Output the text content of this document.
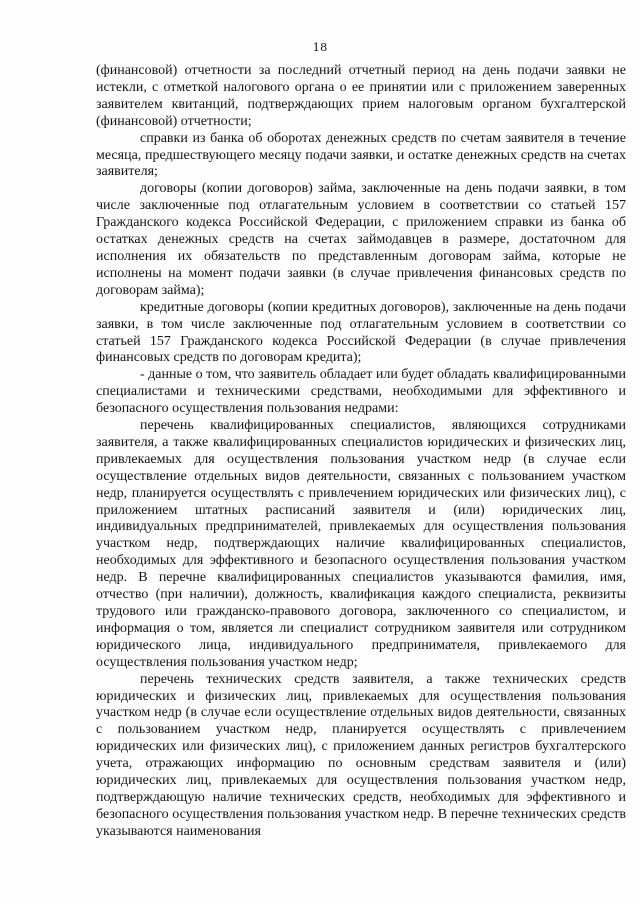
18

(финансовой) отчетности за последний отчетный период на день подачи заявки не истекли, с отметкой налогового органа о ее принятии или с приложением заверенных заявителем квитанций, подтверждающих прием налоговым органом бухгалтерской (финансовой) отчетности;

справки из банка об оборотах денежных средств по счетам заявителя в течение месяца, предшествующего месяцу подачи заявки, и остатке денежных средств на счетах заявителя;

договоры (копии договоров) займа, заключенные на день подачи заявки, в том числе заключенные под отлагательным условием в соответствии со статьей 157 Гражданского кодекса Российской Федерации, с приложением справки из банка об остатках денежных средств на счетах займодавцев в размере, достаточном для исполнения их обязательств по представленным договорам займа, которые не исполнены на момент подачи заявки (в случае привлечения финансовых средств по договорам займа);

кредитные договоры (копии кредитных договоров), заключенные на день подачи заявки, в том числе заключенные под отлагательным условием в соответствии со статьей 157 Гражданского кодекса Российской Федерации (в случае привлечения финансовых средств по договорам кредита);

- данные о том, что заявитель обладает или будет обладать квалифицированными специалистами и техническими средствами, необходимыми для эффективного и безопасного осуществления пользования недрами:

перечень квалифицированных специалистов, являющихся сотрудниками заявителя, а также квалифицированных специалистов юридических и физических лиц, привлекаемых для осуществления пользования участком недр (в случае если осуществление отдельных видов деятельности, связанных с пользованием участком недр, планируется осуществлять с привлечением юридических или физических лиц), с приложением штатных расписаний заявителя и (или) юридических лиц, индивидуальных предпринимателей, привлекаемых для осуществления пользования участком недр, подтверждающих наличие квалифицированных специалистов, необходимых для эффективного и безопасного осуществления пользования участком недр. В перечне квалифицированных специалистов указываются фамилия, имя, отчество (при наличии), должность, квалификация каждого специалиста, реквизиты трудового или гражданско-правового договора, заключенного со специалистом, и информация о том, является ли специалист сотрудником заявителя или сотрудником юридического лица, индивидуального предпринимателя, привлекаемого для осуществления пользования участком недр;

перечень технических средств заявителя, а также технических средств юридических и физических лиц, привлекаемых для осуществления пользования участком недр (в случае если осуществление отдельных видов деятельности, связанных с пользованием участком недр, планируется осуществлять с привлечением юридических или физических лиц), с приложением данных регистров бухгалтерского учета, отражающих информацию по основным средствам заявителя и (или) юридических лиц, привлекаемых для осуществления пользования участком недр, подтверждающую наличие технических средств, необходимых для эффективного и безопасного осуществления пользования участком недр. В перечне технических средств указываются наименования
